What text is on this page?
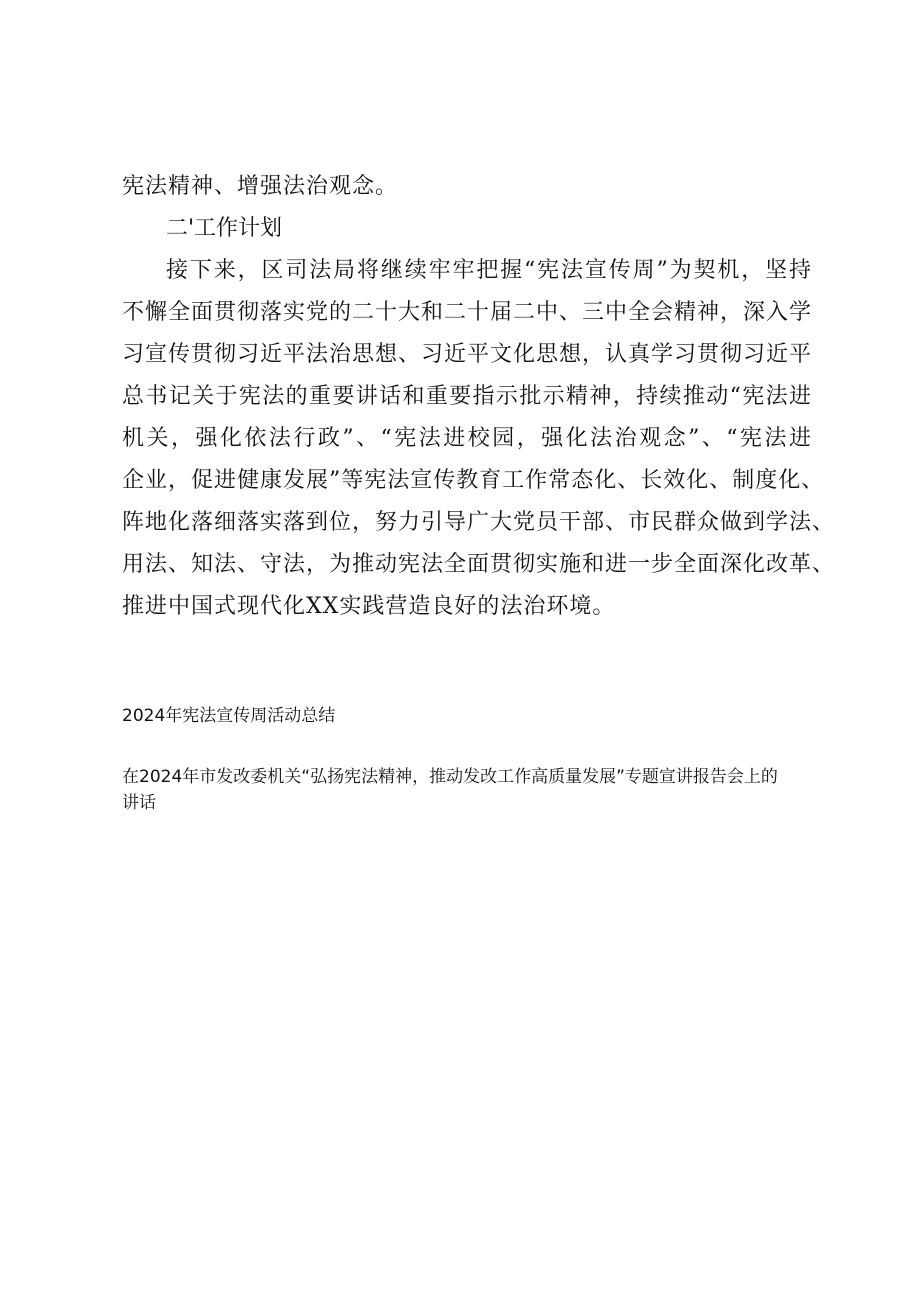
宪法精神、增强法治观念。

二'工作计划

接下来，区司法局将继续牢牢把握“宪法宣传周”为契机，坚持
不懈全面贯彻落实党的二十大和二十届二中、三中全会精神，深入学
习宣传贯彻习近平法治思想、习近平文化思想，认真学习贯彻习近平
总书记关于宪法的重要讲话和重要指示批示精神，持续推动“宪法进
机关，强化依法行政”、“宪法进校园，强化法治观念”、“宪法进
企业，促进健康发展”等宪法宣传教育工作常态化、长效化、制度化、
阵地化落细落实落到位，努力引导广大党员干部、市民群众做到学法、
用法、知法、守法，为推动宪法全面贯彻实施和进一步全面深化改革、
推进中国式现代化XX实践营造良好的法治环境。

2024年宪法宣传周活动总结

在2024年市发改委机关“弘扬宪法精神，推动发改工作高质量发展”专题宣讲报告会上的
讲话
